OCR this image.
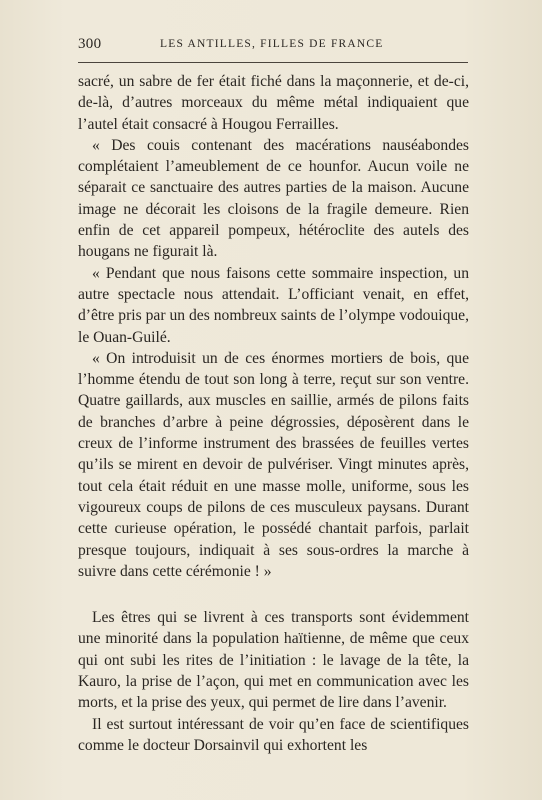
300	LES ANTILLES, FILLES DE FRANCE

sacré, un sabre de fer était fiché dans la maçonnerie, et de-ci, de-là, d’autres morceaux du même métal indiquaient que l’autel était consacré à Hougou Ferrailles.

« Des couis contenant des macérations nauséabondes complétaient l’ameublement de ce hounfor. Aucun voile ne séparait ce sanctuaire des autres parties de la maison. Aucune image ne décorait les cloisons de la fragile demeure. Rien enfin de cet appareil pompeux, hétéroclite des autels des hougans ne figurait là.

« Pendant que nous faisons cette sommaire inspection, un autre spectacle nous attendait. L’officiant venait, en effet, d’être pris par un des nombreux saints de l’olympe vodouique, le Ouan-Guilé.

« On introduisit un de ces énormes mortiers de bois, que l’homme étendu de tout son long à terre, reçut sur son ventre. Quatre gaillards, aux muscles en saillie, armés de pilons faits de branches d’arbre à peine dégrossies, déposèrent dans le creux de l’informe instrument des brassées de feuilles vertes qu’ils se mirent en devoir de pulvériser. Vingt minutes après, tout cela était réduit en une masse molle, uniforme, sous les vigoureux coups de pilons de ces musculeux paysans. Durant cette curieuse opération, le possédé chantait parfois, parlait presque toujours, indiquait à ses sous-ordres la marche à suivre dans cette cérémonie ! »

Les êtres qui se livrent à ces transports sont évidemment une minorité dans la population haïtienne, de même que ceux qui ont subi les rites de l’initiation : le lavage de la tête, la Kauro, la prise de l’açon, qui met en communication avec les morts, et la prise des yeux, qui permet de lire dans l’avenir.

Il est surtout intéressant de voir qu’en face de scientifiques comme le docteur Dorsainvil qui exhortent les
